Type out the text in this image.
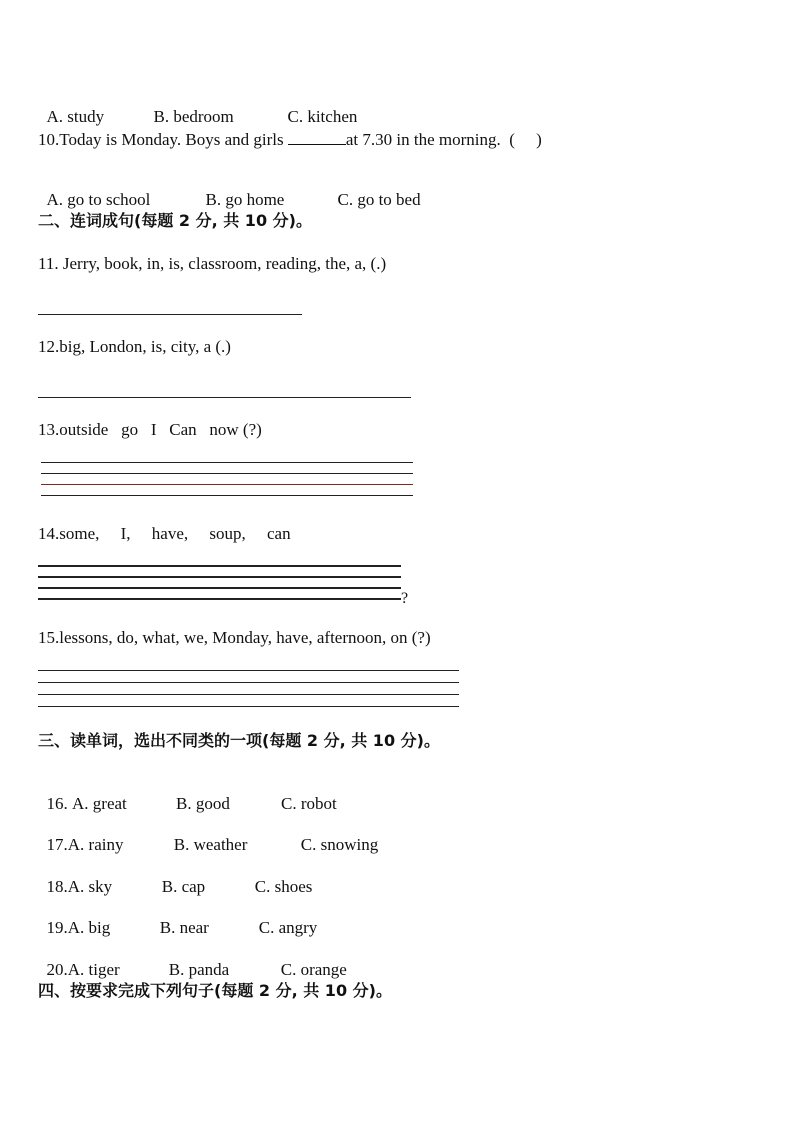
A. study	B. bedroom	C. kitchen

10.Today is Monday. Boys and girls	at 7.30 in the morning.  (     )

A. go to school	B. go home	C. go to bed

二、连词成句(每题 2 分, 共 10 分)。
11. Jerry, book, in, is, classroom, reading, the, a, (.)
12.big, London, is, city, a (.)
13.outside   go   I   Can   now (?)
14.some,     I,     have,     soup,     can
?
15.lessons, do, what, we, Monday, have, afternoon, on (?)
三、读单词，选出不同类的一项(每题 2 分, 共 10 分)。

16. A. great	B. good	C. robot

17.A. rainy	B. weather	C. snowing

18.A. sky	B. cap	C. shoes

19.A. big	B. near	C. angry

20.A. tiger	B. panda	C. orange

四、按要求完成下列句子(每题 2 分, 共 10 分)。
